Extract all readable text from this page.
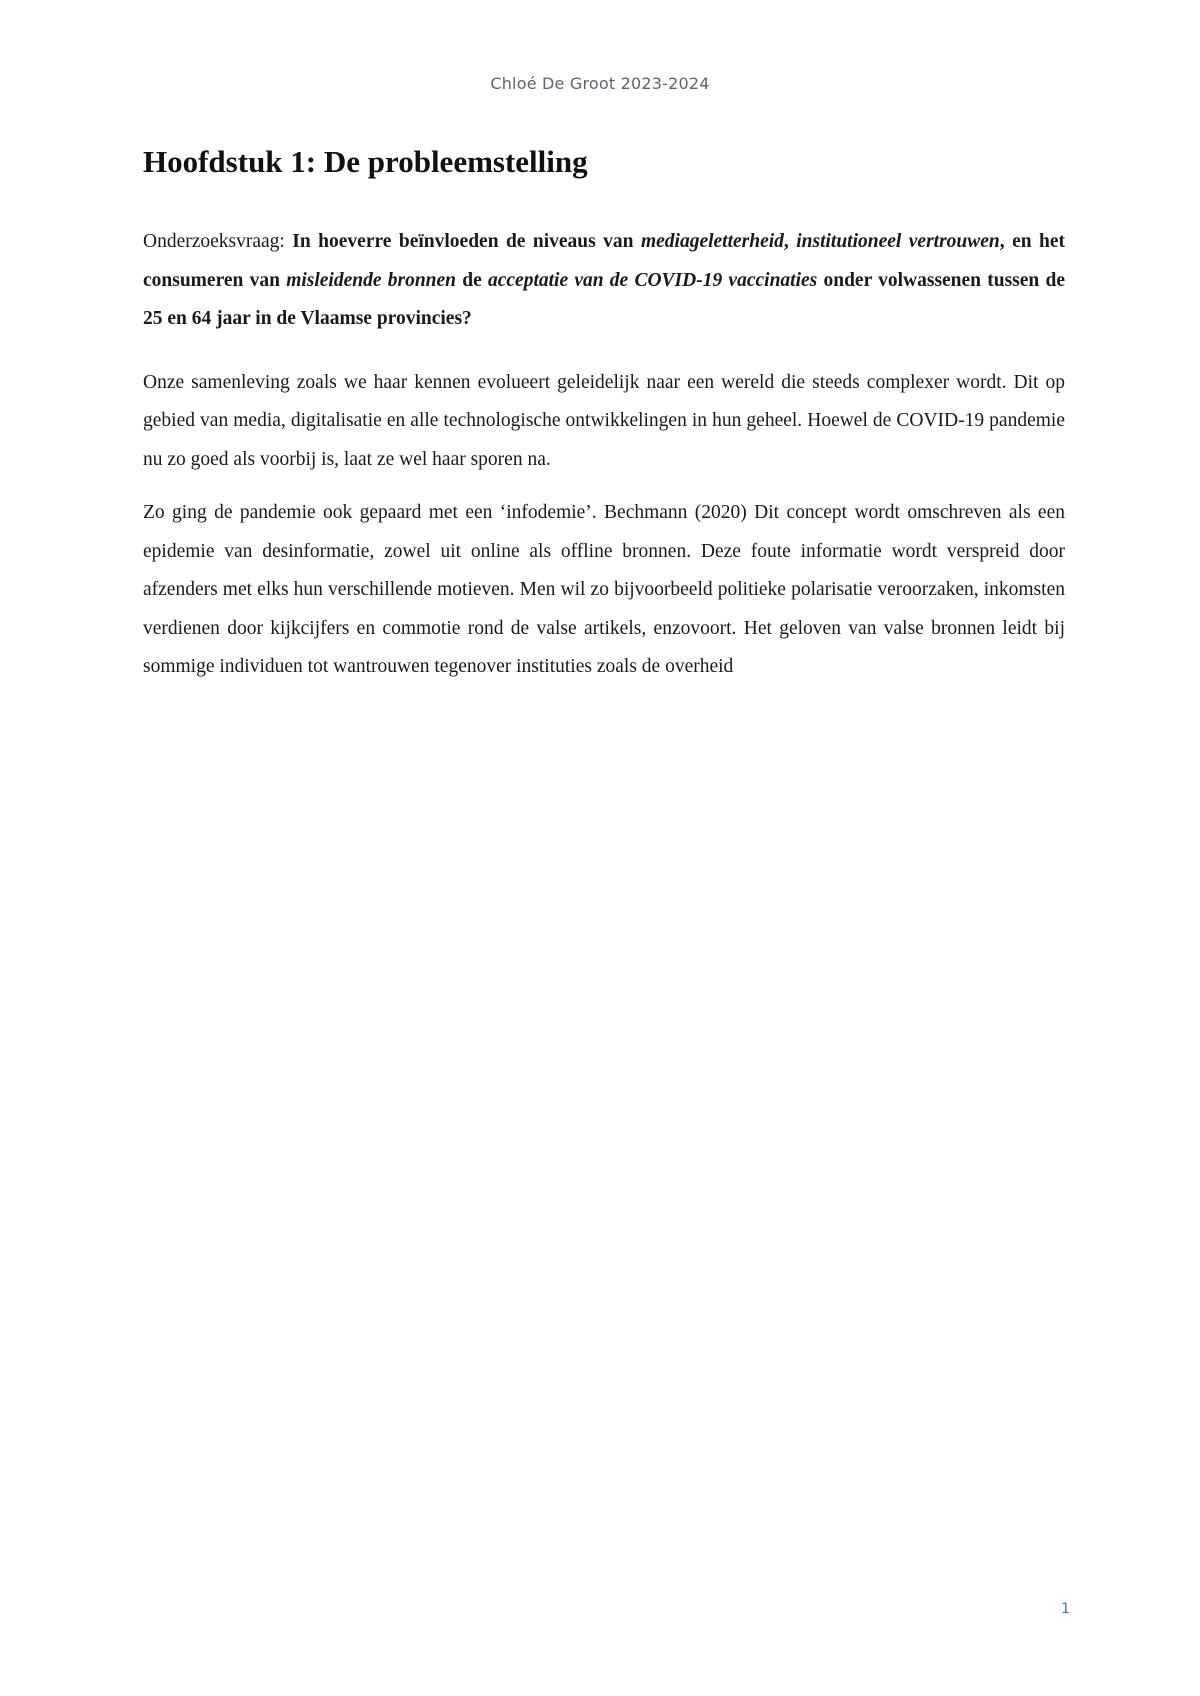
Chloé De Groot 2023-2024
Hoofdstuk 1: De probleemstelling

Onderzoeksvraag: In hoeverre beïnvloeden de niveaus van mediageletterheid, institutioneel vertrouwen, en het consumeren van misleidende bronnen de acceptatie van de COVID-19 vaccinaties onder volwassenen tussen de 25 en 64 jaar in de Vlaamse provincies?

Onze samenleving zoals we haar kennen evolueert geleidelijk naar een wereld die steeds complexer wordt. Dit op gebied van media, digitalisatie en alle technologische ontwikkelingen in hun geheel. Hoewel de COVID-19 pandemie nu zo goed als voorbij is, laat ze wel haar sporen na.

Zo ging de pandemie ook gepaard met een ‘infodemie’. Bechmann (2020) Dit concept wordt omschreven als een epidemie van desinformatie, zowel uit online als offline bronnen. Deze foute informatie wordt verspreid door afzenders met elks hun verschillende motieven. Men wil zo bijvoorbeeld politieke polarisatie veroorzaken, inkomsten verdienen door kijkcijfers en commotie rond de valse artikels, enzovoort. Het geloven van valse bronnen leidt bij sommige individuen tot wantrouwen tegenover instituties zoals de overheid

1
